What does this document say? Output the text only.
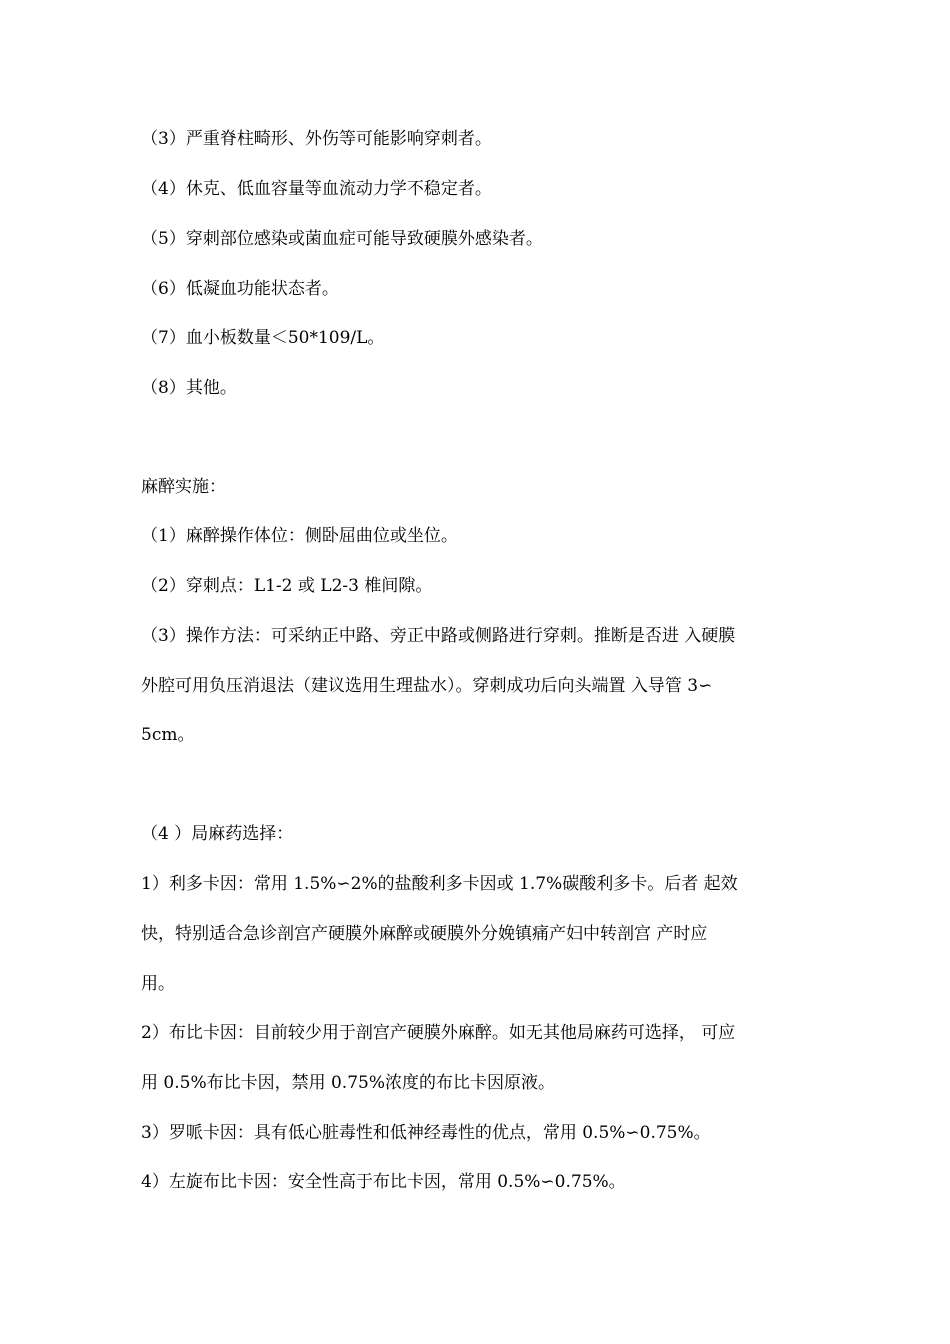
（3）严重脊柱畸形、外伤等可能影响穿刺者。
（4）休克、低血容量等血流动力学不稳定者。
（5）穿刺部位感染或菌血症可能导致硬膜外感染者。
（6）低凝血功能状态者。
（7）血小板数量＜50*109/L。
（8）其他。
麻醉实施：
（1）麻醉操作体位：侧卧屈曲位或坐位。
（2）穿刺点：L1-2 或 L2-3 椎间隙。
（3）操作方法：可采纳正中路、旁正中路或侧路进行穿刺。推断是否进 入硬膜
外腔可用负压消退法（建议选用生理盐水）。穿刺成功后向头端置 入导管 3∽
5cm。
（4 ）局麻药选择：
1）利多卡因：常用 1.5%∽2%的盐酸利多卡因或 1.7%碳酸利多卡。后者 起效
快，特别适合急诊剖宫产硬膜外麻醉或硬膜外分娩镇痛产妇中转剖宫 产时应
用。
2）布比卡因：目前较少用于剖宫产硬膜外麻醉。如无其他局麻药可选择， 可应
用 0.5%布比卡因，禁用 0.75%浓度的布比卡因原液。
3）罗哌卡因：具有低心脏毒性和低神经毒性的优点，常用 0.5%∽0.75%。
4）左旋布比卡因：安全性高于布比卡因，常用 0.5%∽0.75%。
